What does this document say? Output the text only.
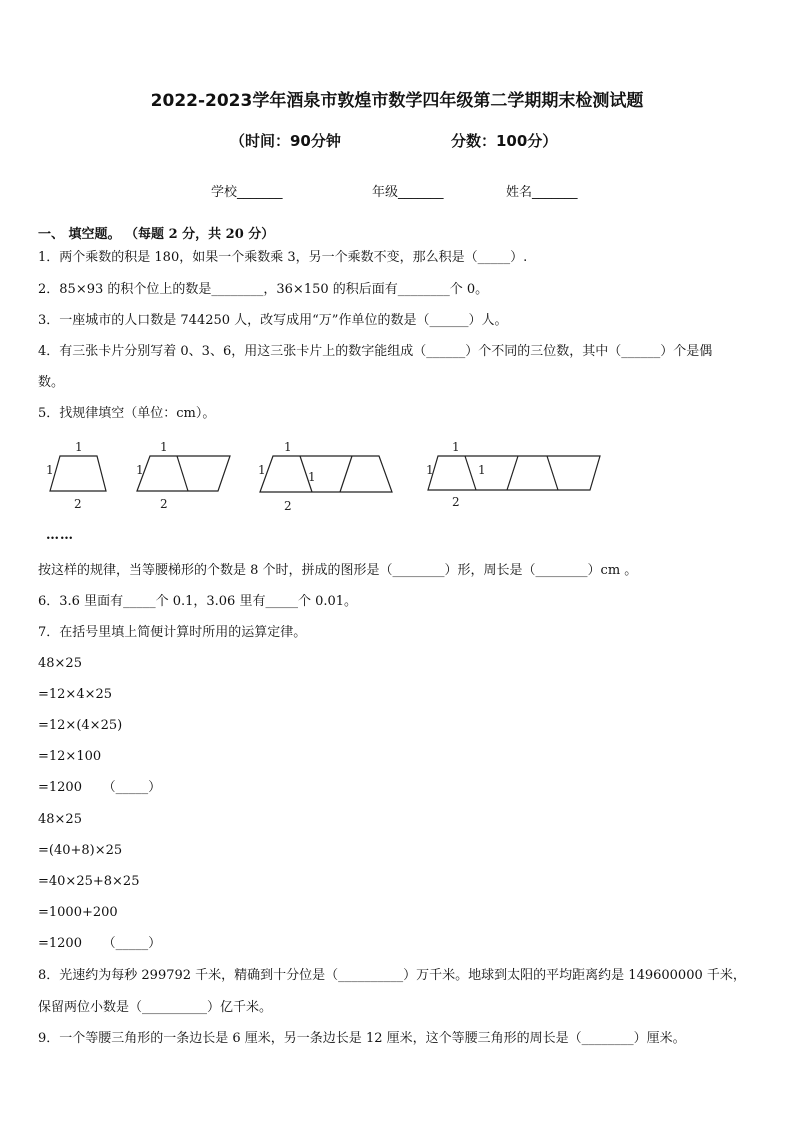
2022-2023学年酒泉市敦煌市数学四年级第二学期期末检测试题
（时间：90分钟	分数：100分）
学校_______	年级_______	姓名_______
一、 填空题。 （每题 2 分，共 20 分）
1．两个乘数的积是 180，如果一个乘数乘 3，另一个乘数不变，那么积是（_____）.
2．85×93 的积个位上的数是________，36×150 的积后面有________个 0。
3．一座城市的人口数是 744250 人，改写成用“万”作单位的数是（______）人。
4．有三张卡片分别写着 0、3、6，用这三张卡片上的数字能组成（______）个不同的三位数，其中（______）个是偶
数。
5．找规律填空（单位：cm）。
1
1
2
1
1
2
1
1	1
2
1
1	1
2
……
按这样的规律，当等腰梯形的个数是 8 个时，拼成的图形是（________）形，周长是（________）cm 。
6．3.6 里面有_____个 0.1，3.06 里有_____个 0.01。
7．在括号里填上简便计算时所用的运算定律。
48×25
=12×4×25
=12×(4×25)
=12×100
=1200     （_____）
48×25
=(40+8)×25
=40×25+8×25
=1000+200
=1200     （_____）
8．光速约为每秒 299792 千米，精确到十分位是（__________）万千米。地球到太阳的平均距离约是 149600000 千米，
保留两位小数是（__________）亿千米。
9．一个等腰三角形的一条边长是 6 厘米，另一条边长是 12 厘米，这个等腰三角形的周长是（________）厘米。
